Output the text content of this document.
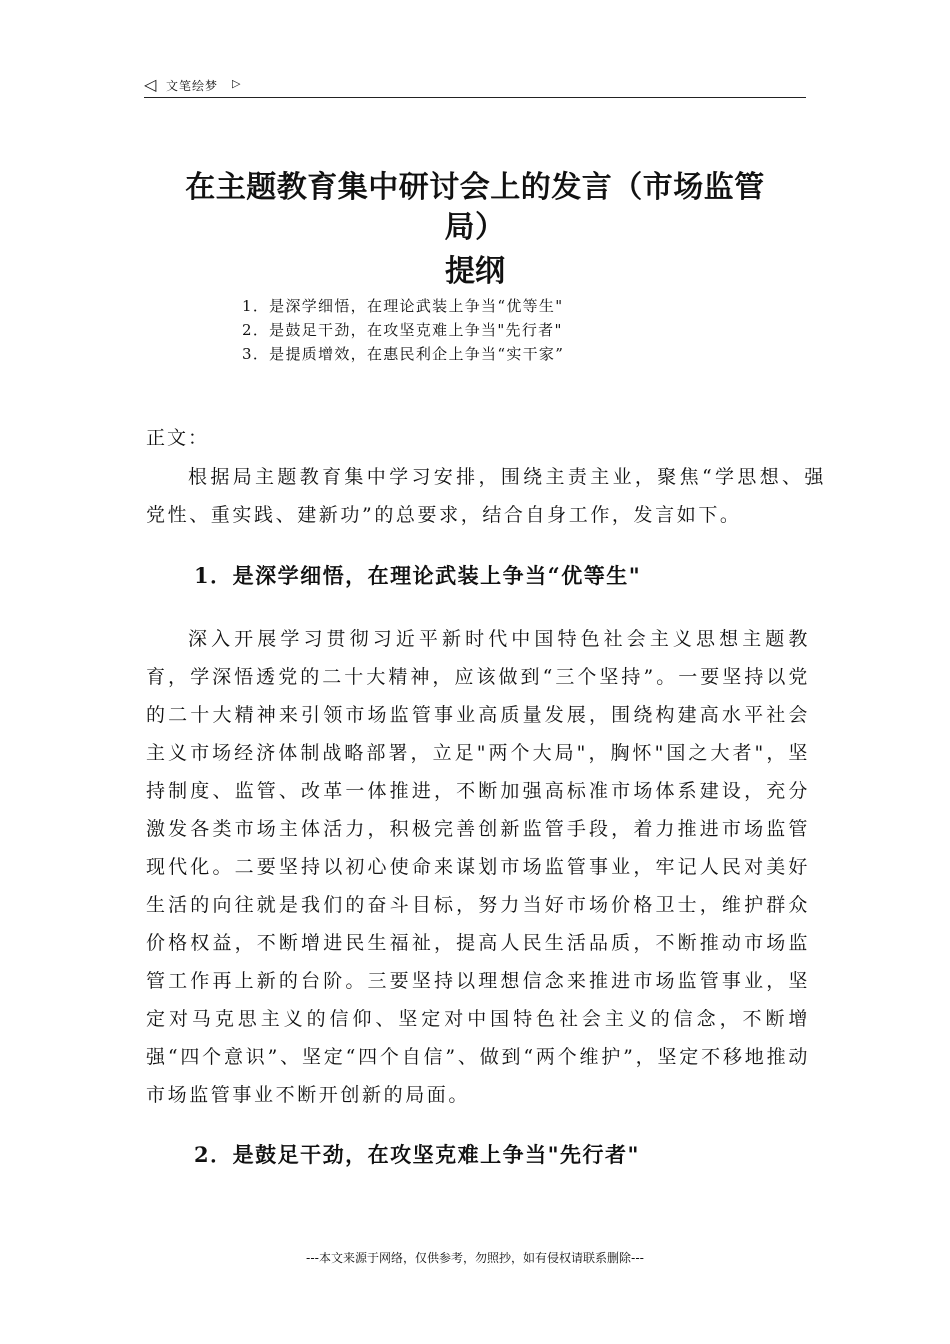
◁ 文笔绘梦 ▷
在主题教育集中研讨会上的发言（市场监管
局）
提纲
1．是深学细悟，在理论武装上争当“优等生"
2．是鼓足干劲，在攻坚克难上争当"先行者"
3．是提质增效，在惠民利企上争当“实干家”
正文：

根据局主题教育集中学习安排，围绕主责主业，聚焦“学思想、强党性、重实践、建新功”的总要求，结合自身工作，发言如下。

1．是深学细悟，在理论武装上争当“优等生"

深入开展学习贯彻习近平新时代中国特色社会主义思想主题教育，学深悟透党的二十大精神，应该做到“三个坚持”。一要坚持以党的二十大精神来引领市场监管事业高质量发展，围绕构建高水平社会主义市场经济体制战略部署，立足"两个大局"，胸怀"国之大者"，坚持制度、监管、改革一体推进，不断加强高标准市场体系建设，充分激发各类市场主体活力，积极完善创新监管手段，着力推进市场监管现代化。二要坚持以初心使命来谋划市场监管事业，牢记人民对美好生活的向往就是我们的奋斗目标，努力当好市场价格卫士，维护群众价格权益，不断增进民生福祉，提高人民生活品质，不断推动市场监管工作再上新的台阶。三要坚持以理想信念来推进市场监管事业，坚定对马克思主义的信仰、坚定对中国特色社会主义的信念，不断增强“四个意识”、坚定“四个自信”、做到“两个维护”，坚定不移地推动市场监管事业不断开创新的局面。

2．是鼓足干劲，在攻坚克难上争当"先行者"
---本文来源于网络，仅供参考，勿照抄，如有侵权请联系删除---
